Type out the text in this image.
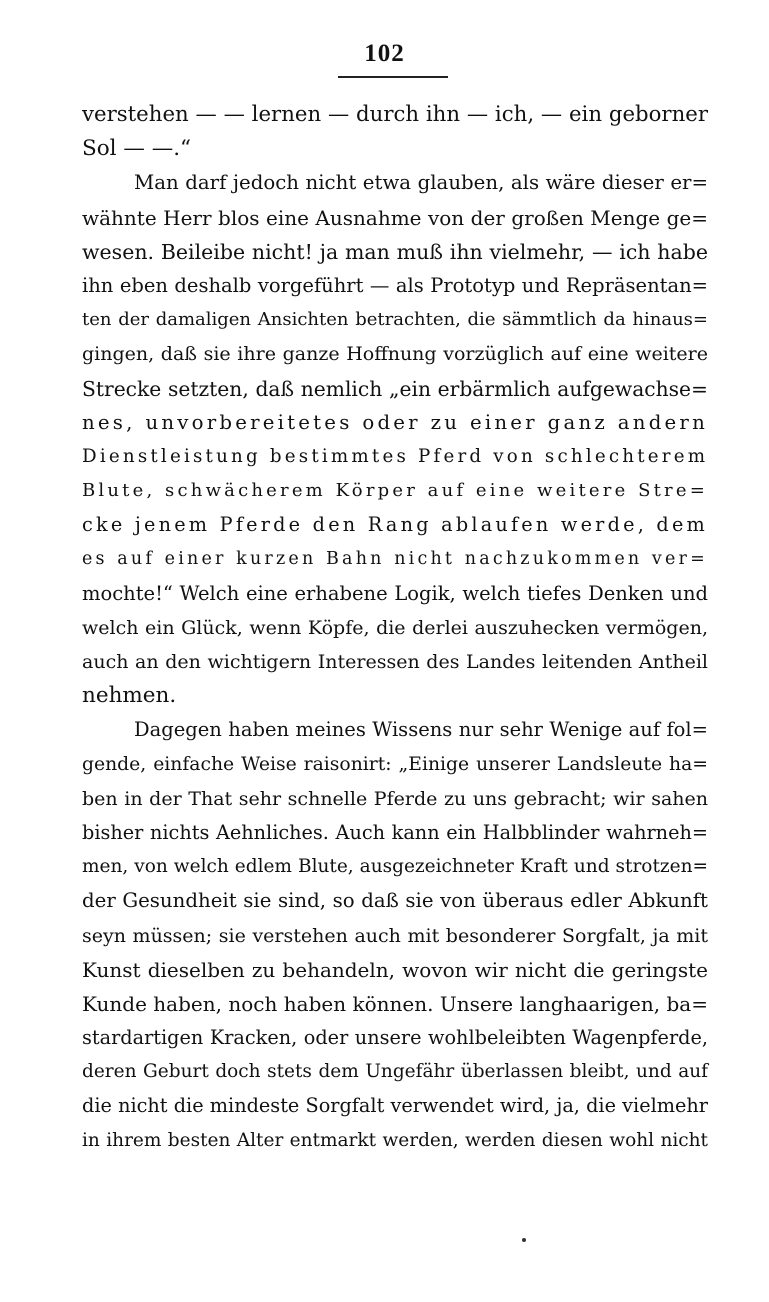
102
verstehen — — lernen — durch ihn — ich, — ein geborner
Sol — —.“
Man darf jedoch nicht etwa glauben, als wäre dieser er=
wähnte Herr blos eine Ausnahme von der großen Menge ge=
wesen. Beileibe nicht! ja man muß ihn vielmehr, — ich habe
ihn eben deshalb vorgeführt — als Prototyp und Repräsentan=
ten der damaligen Ansichten betrachten, die sämmtlich da hinaus=
gingen, daß sie ihre ganze Hoffnung vorzüglich auf eine weitere
Strecke setzten, daß nemlich „ein erbärmlich aufgewachse=
nes, unvorbereitetes oder zu einer ganz andern
Dienstleistung bestimmtes Pferd von schlechterem
Blute, schwächerem Körper auf eine weitere Stre=
cke jenem Pferde den Rang ablaufen werde, dem
es auf einer kurzen Bahn nicht nachzukommen ver=
mochte!“ Welch eine erhabene Logik, welch tiefes Denken und
welch ein Glück, wenn Köpfe, die derlei auszuhecken vermögen,
auch an den wichtigern Interessen des Landes leitenden Antheil
nehmen.
Dagegen haben meines Wissens nur sehr Wenige auf fol=
gende, einfache Weise raisonirt: „Einige unserer Landsleute ha=
ben in der That sehr schnelle Pferde zu uns gebracht; wir sahen
bisher nichts Aehnliches. Auch kann ein Halbblinder wahrneh=
men, von welch edlem Blute, ausgezeichneter Kraft und strotzen=
der Gesundheit sie sind, so daß sie von überaus edler Abkunft
seyn müssen; sie verstehen auch mit besonderer Sorgfalt, ja mit
Kunst dieselben zu behandeln, wovon wir nicht die geringste
Kunde haben, noch haben können. Unsere langhaarigen, ba=
stardartigen Kracken, oder unsere wohlbeleibten Wagenpferde,
deren Geburt doch stets dem Ungefähr überlassen bleibt, und auf
die nicht die mindeste Sorgfalt verwendet wird, ja, die vielmehr
in ihrem besten Alter entmarkt werden, werden diesen wohl nicht
